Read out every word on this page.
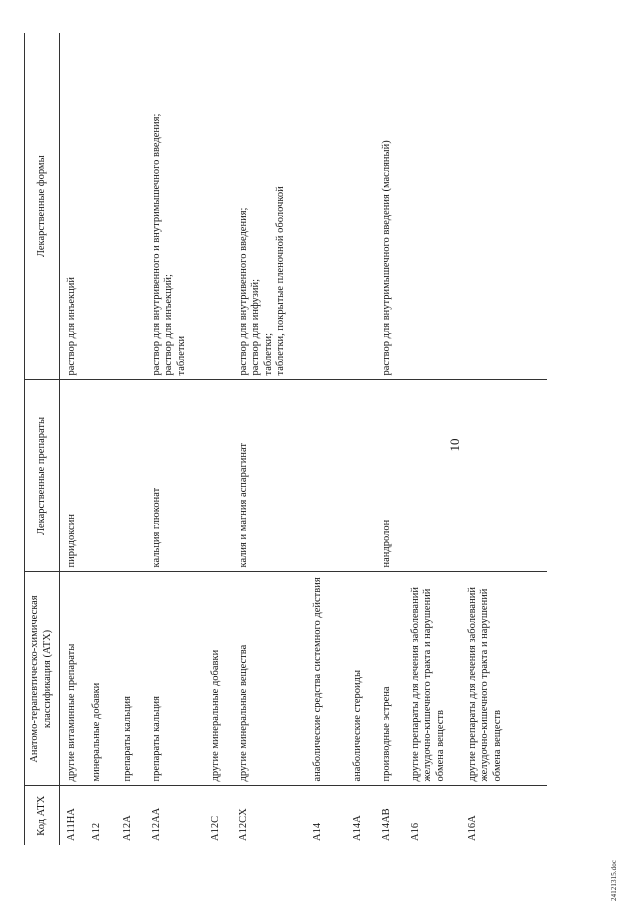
10
Код АТХ	Анатомо-терапевтическо-химическая классификация (АТХ)	Лекарственные препараты	Лекарственные формы
A11HA	другие витаминные препараты	пиридоксин	раствор для инъекций
A12	минеральные добавки		
A12A	препараты кальция		
A12AA	препараты кальция	кальция глюконат	раствор для внутривенного и внутримышечного введения;
раствор для инъекций;
таблетки
A12C	другие минеральные добавки		
A12CX	другие минеральные вещества	калия и магния аспарагинат	раствор для внутривенного введения;
раствор для инфузий;
таблетки;
таблетки, покрытые пленочной оболочкой
A14	анаболические средства системного действия		
A14A	анаболические стероиды		
A14AB	производные эстрена	нандролон	раствор для внутримышечного введения (масляный)
A16	другие препараты для лечения заболеваний желудочно-кишечного тракта и нарушений обмена веществ		
A16A	другие препараты для лечения заболеваний желудочно-кишечного тракта и нарушений обмена веществ		
24121315.doc
